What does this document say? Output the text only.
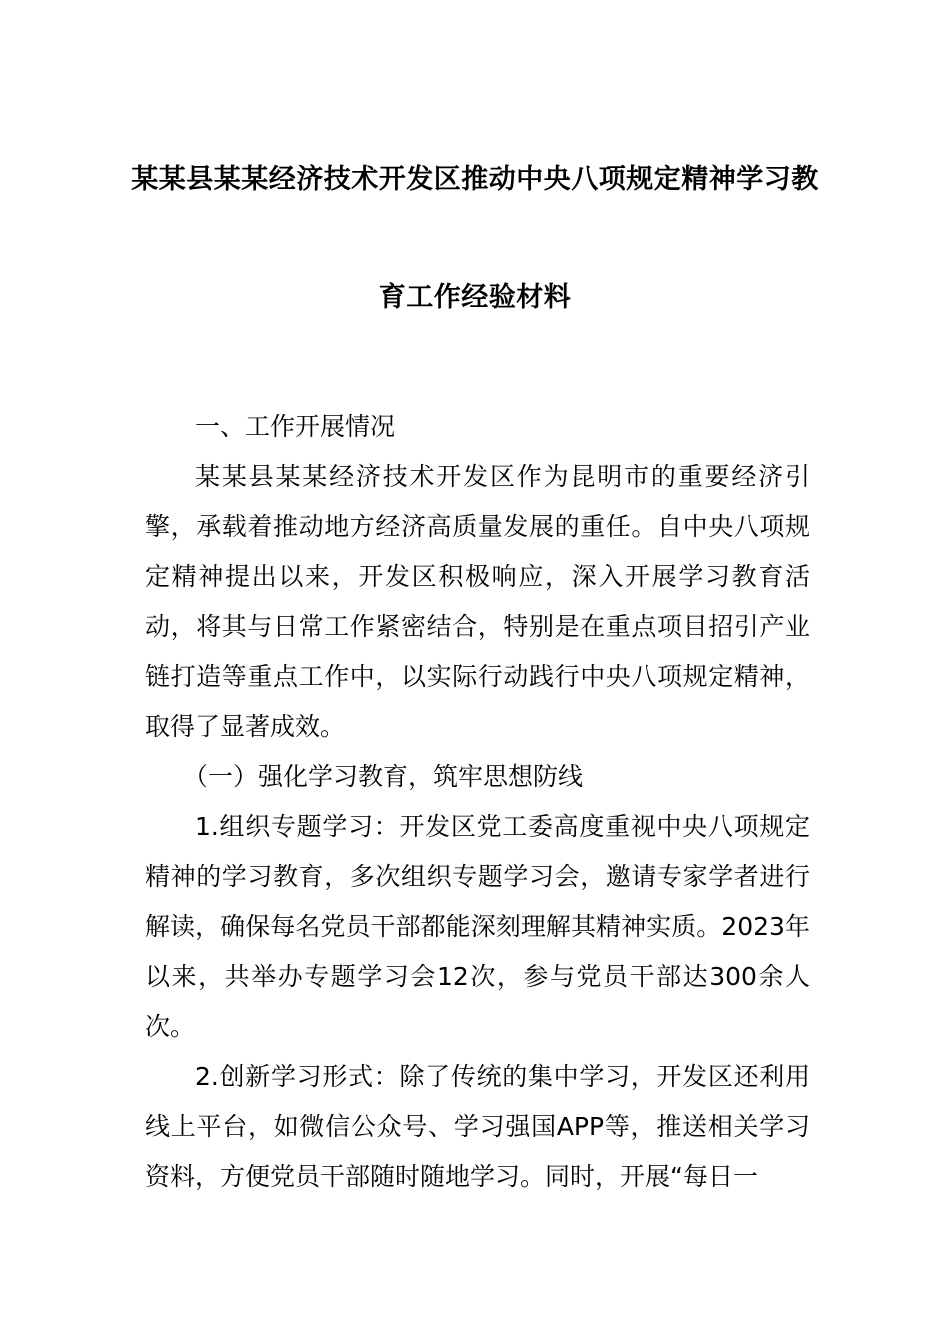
某某县某某经济技术开发区推动中央八项规定精神学习教
育工作经验材料

一、工作开展情况

某某县某某经济技术开发区作为昆明市的重要经济引擎，承载着推动地方经济高质量发展的重任。自中央八项规定精神提出以来，开发区积极响应，深入开展学习教育活动，将其与日常工作紧密结合，特别是在重点项目招引产业链打造等重点工作中，以实际行动践行中央八项规定精神，取得了显著成效。

（一）强化学习教育，筑牢思想防线

1.组织专题学习：开发区党工委高度重视中央八项规定精神的学习教育，多次组织专题学习会，邀请专家学者进行解读，确保每名党员干部都能深刻理解其精神实质。2023年以来，共举办专题学习会12次，参与党员干部达300余人次。

2.创新学习形式：除了传统的集中学习，开发区还利用线上平台，如微信公众号、学习强国APP等，推送相关学习资料，方便党员干部随时随地学习。同时，开展“每日一
